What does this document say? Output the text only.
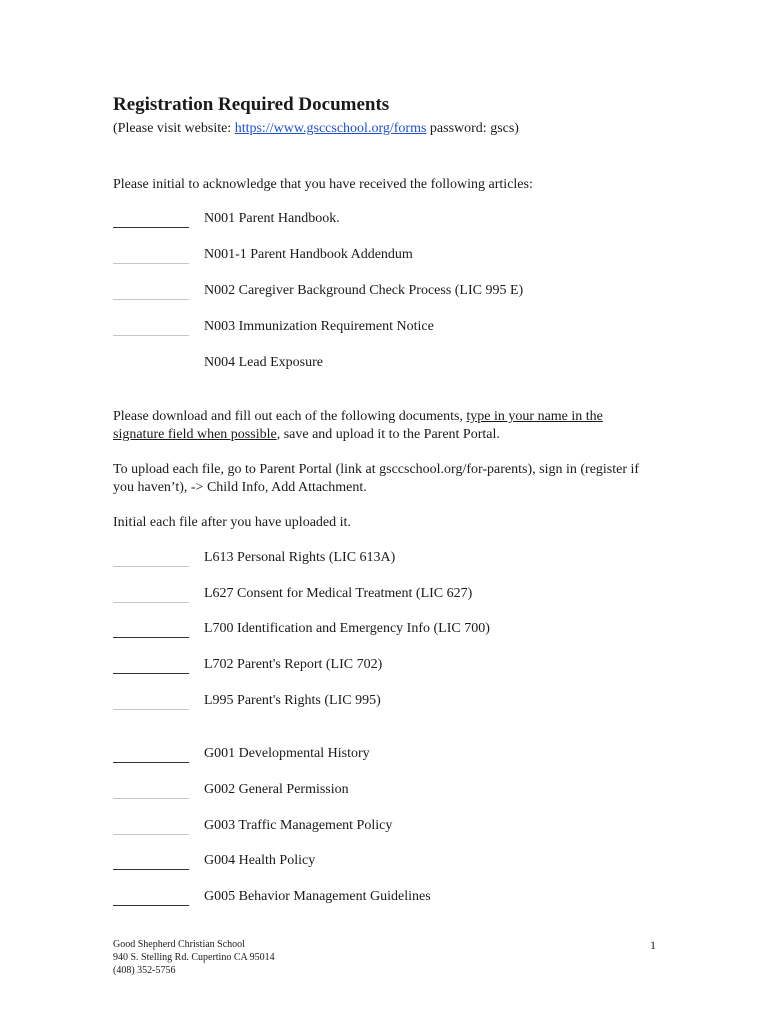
Registration Required Documents
(Please visit website: https://www.gsccschool.org/forms password: gscs)

Please initial to acknowledge that you have received the following articles:

N001 Parent Handbook.
N001-1 Parent Handbook Addendum
N002 Caregiver Background Check Process (LIC 995 E)
N003 Immunization Requirement Notice
N004 Lead Exposure

Please download and fill out each of the following documents, type in your name in the signature field when possible, save and upload it to the Parent Portal.

To upload each file, go to Parent Portal (link at gsccschool.org/for-parents), sign in (register if you haven’t), -> Child Info, Add Attachment.

Initial each file after you have uploaded it.

L613 Personal Rights (LIC 613A)
L627 Consent for Medical Treatment (LIC 627)
L700 Identification and Emergency Info (LIC 700)
L702 Parent's Report (LIC 702)
L995 Parent's Rights (LIC 995)
G001 Developmental History
G002 General Permission
G003 Traffic Management Policy
G004 Health Policy
G005 Behavior Management Guidelines
Good Shepherd Christian School
940 S. Stelling Rd. Cupertino CA 95014
(408) 352-5756
1
